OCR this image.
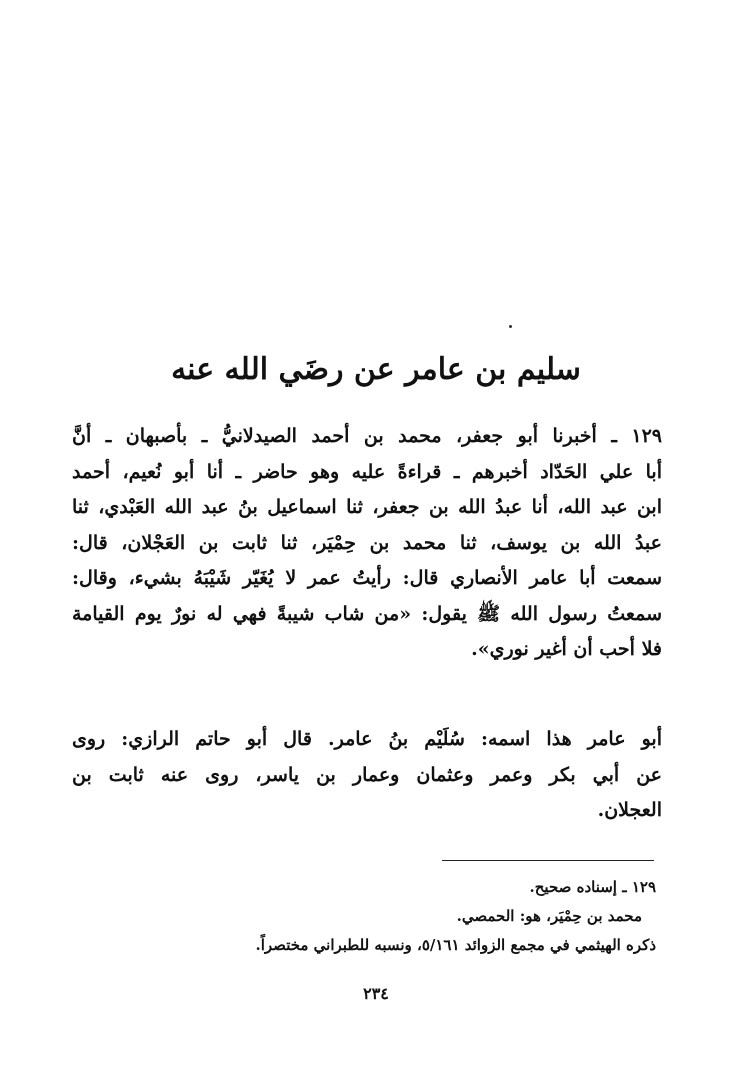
سليم بن عامر عن رضَي الله عنه
١٢٩ ـ أخبرنا أبو جعفر، محمد بن أحمد الصيدلانيُّ ـ بأصبهان ـ أنَّ
أبا علي الحَدّاد أخبرهم ـ قراءةً عليه وهو حاضر ـ أنا أبو نُعيم، أحمد
ابن عبد الله، أنا عبدُ الله بن جعفر، ثنا اسماعيل بنُ عبد الله العَبْدي، ثنا
عبدُ الله بن يوسف، ثنا محمد بن حِمْيَر، ثنا ثابت بن العَجْلان، قال:
سمعت أبا عامر الأنصاري قال: رأيتُ عمر لا يُغَيّر شَيْبَهُ بشيء، وقال:
سمعتُ رسول الله ﷺ يقول: «من شاب شيبةً فهي له نورٌ يوم القيامة
فلا أحب أن أغير نوري».
أبو عامر هذا اسمه: سُلَيْم بنُ عامر. قال أبو حاتم الرازي: روى
عن أبي بكر وعمر وعثمان وعمار بن ياسر، روى عنه ثابت بن
العجلان.
١٢٩ ـ إسناده صحيح.
محمد بن حِمْيَر، هو: الحمصي.
ذكره الهيثمي في مجمع الزوائد ٥/١٦١، ونسبه للطبراني مختصراً.
٢٣٤
